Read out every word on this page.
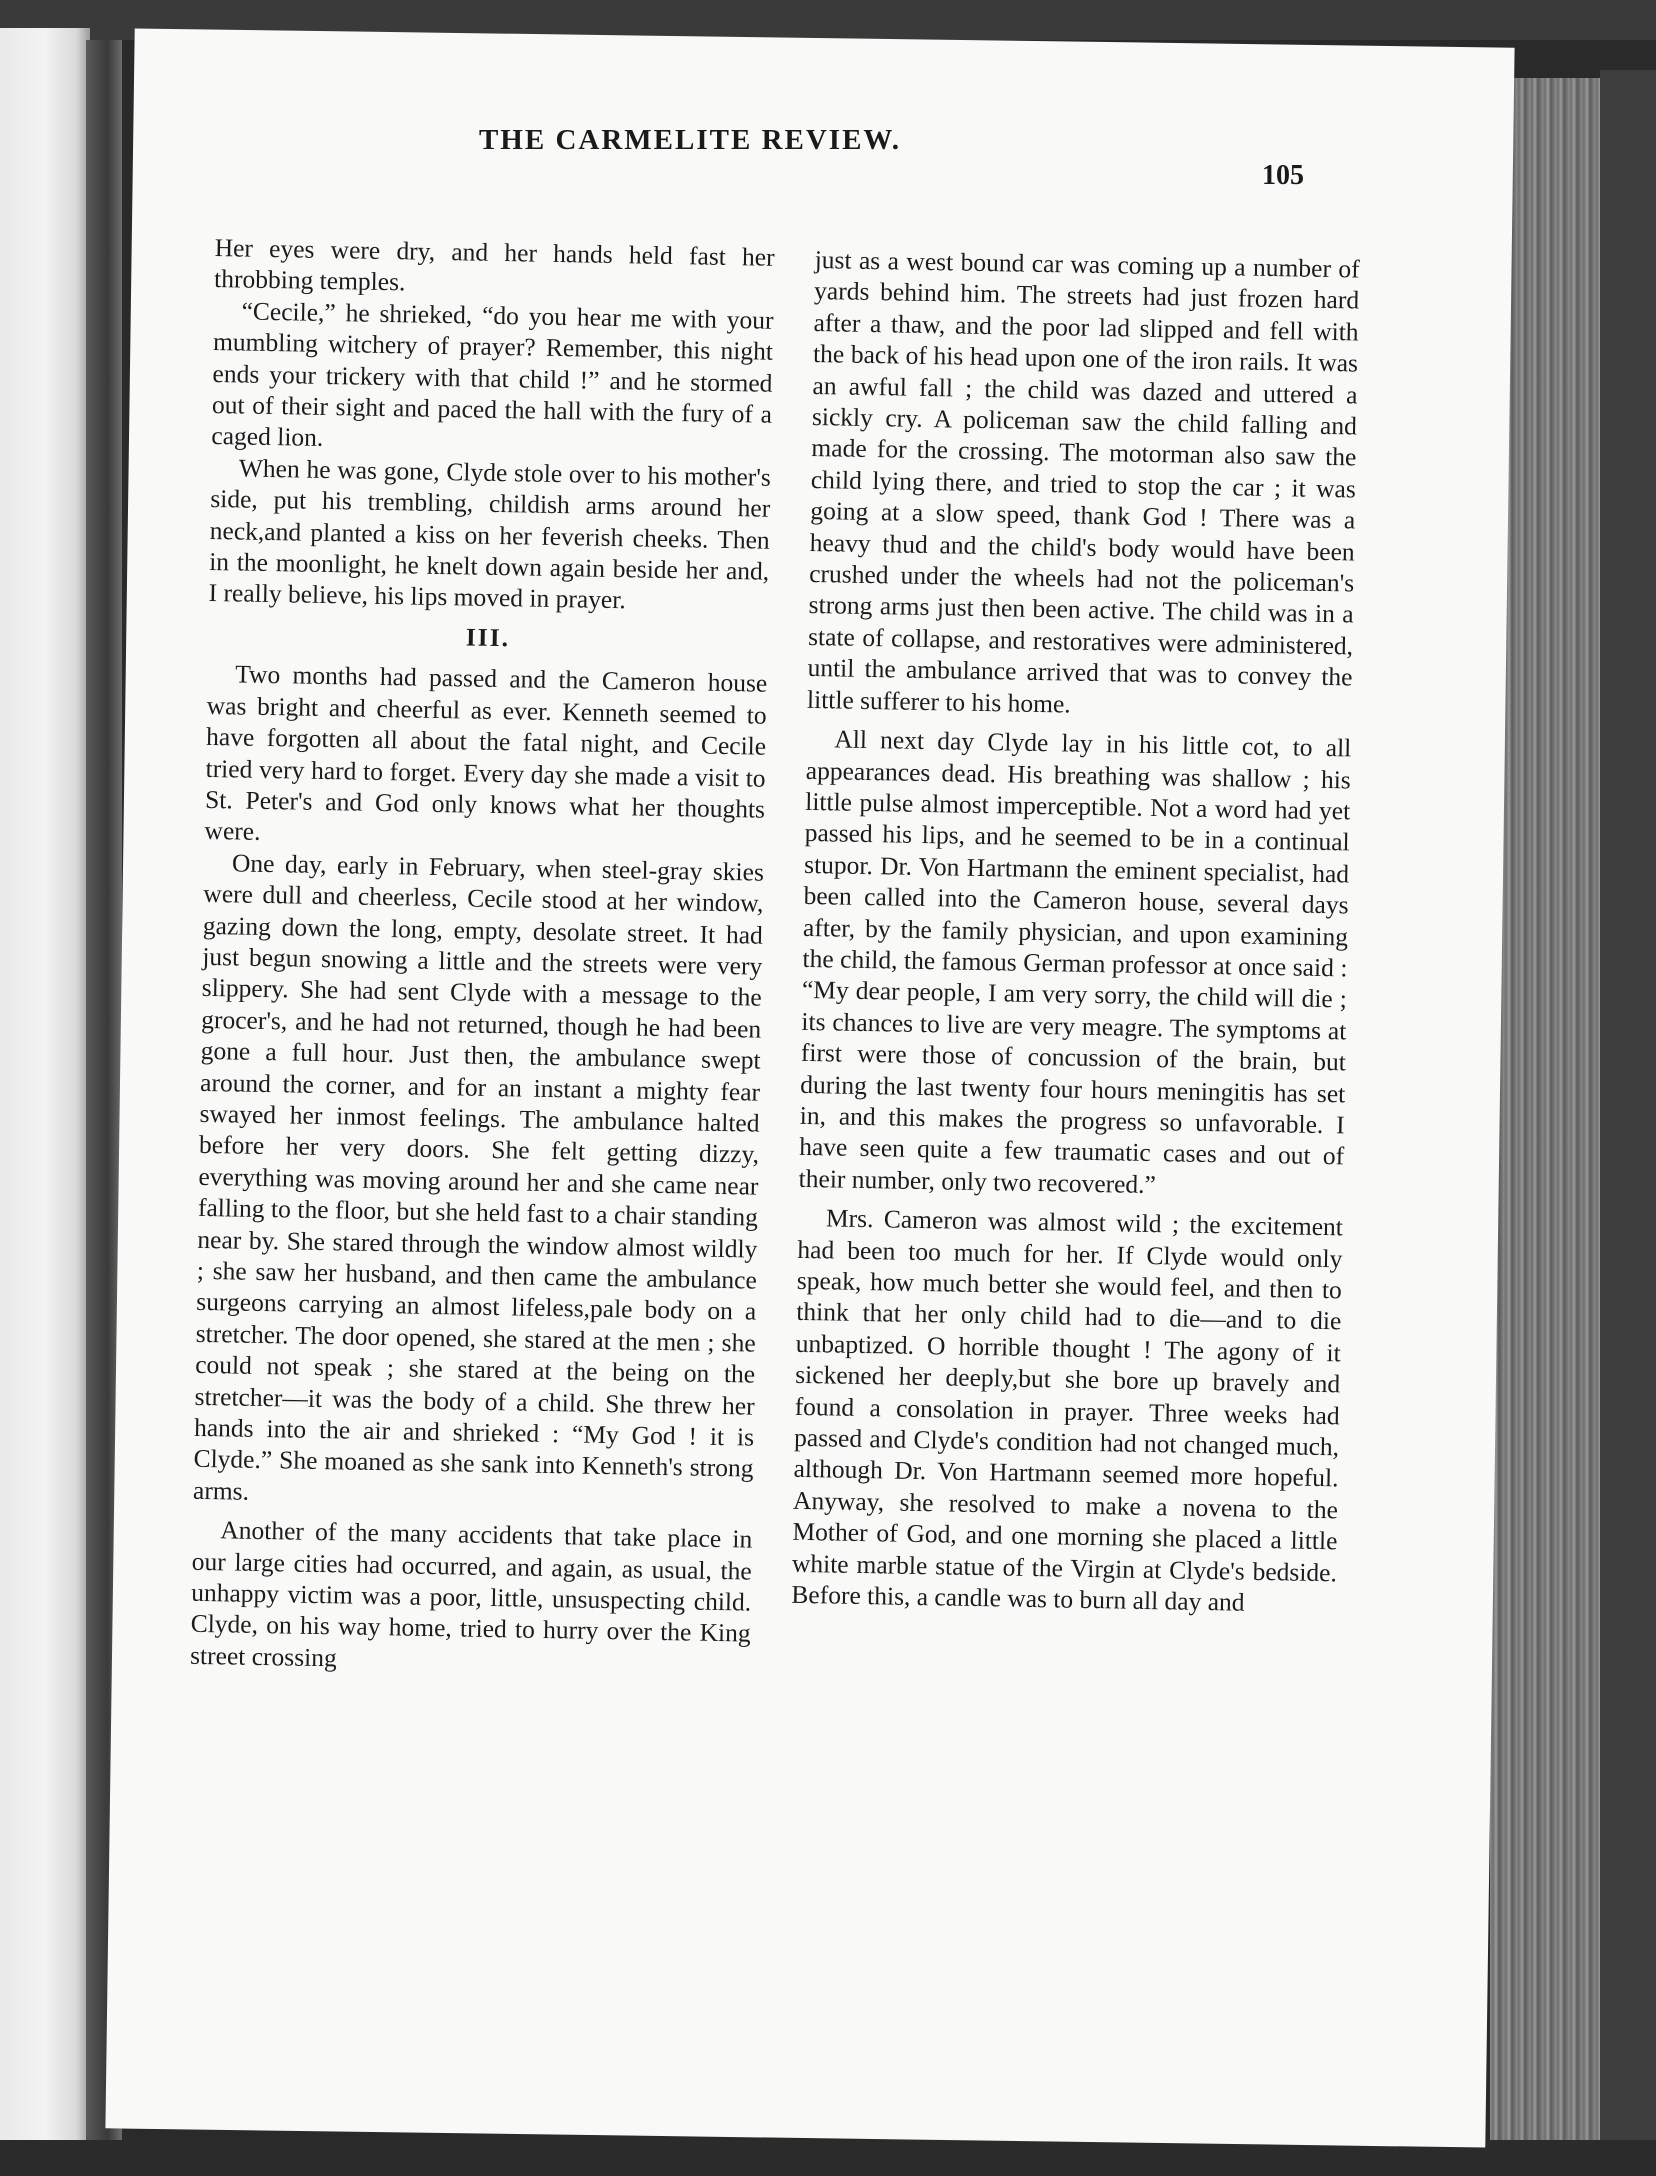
THE CARMELITE REVIEW.
105

Her eyes were dry, and her hands held fast her throbbing temples.

“Cecile,” he shrieked, “do you hear me with your mumbling witchery of prayer? Remember, this night ends your trickery with that child !” and he stormed out of their sight and paced the hall with the fury of a caged lion.

When he was gone, Clyde stole over to his mother's side, put his trembling, childish arms around her neck,and planted a kiss on her feverish cheeks. Then in the moonlight, he knelt down again beside her and, I really believe, his lips moved in prayer.

III.

Two months had passed and the Cameron house was bright and cheerful as ever. Kenneth seemed to have forgotten all about the fatal night, and Cecile tried very hard to forget. Every day she made a visit to St. Peter's and God only knows what her thoughts were.

One day, early in February, when steel-gray skies were dull and cheerless, Cecile stood at her window, gazing down the long, empty, desolate street. It had just begun snowing a little and the streets were very slippery. She had sent Clyde with a message to the grocer's, and he had not returned, though he had been gone a full hour. Just then, the ambulance swept around the corner, and for an instant a mighty fear swayed her inmost feelings. The ambulance halted before her very doors. She felt getting dizzy, everything was moving around her and she came near falling to the floor, but she held fast to a chair standing near by. She stared through the window almost wildly ; she saw her husband, and then came the ambulance surgeons carrying an almost lifeless,pale body on a stretcher. The door opened, she stared at the men ; she could not speak ; she stared at the being on the stretcher—it was the body of a child. She threw her hands into the air and shrieked : “My God ! it is Clyde.” She moaned as she sank into Kenneth's strong arms.

Another of the many accidents that take place in our large cities had occurred, and again, as usual, the unhappy victim was a poor, little, unsuspecting child. Clyde, on his way home, tried to hurry over the King street crossing

just as a west bound car was coming up a number of yards behind him. The streets had just frozen hard after a thaw, and the poor lad slipped and fell with the back of his head upon one of the iron rails. It was an awful fall ; the child was dazed and uttered a sickly cry. A policeman saw the child falling and made for the crossing. The motorman also saw the child lying there, and tried to stop the car ; it was going at a slow speed, thank God ! There was a heavy thud and the child's body would have been crushed under the wheels had not the policeman's strong arms just then been active. The child was in a state of collapse, and restoratives were administered, until the ambulance arrived that was to convey the little sufferer to his home.

All next day Clyde lay in his little cot, to all appearances dead. His breathing was shallow ; his little pulse almost imperceptible. Not a word had yet passed his lips, and he seemed to be in a continual stupor. Dr. Von Hartmann the eminent specialist, had been called into the Cameron house, several days after, by the family physician, and upon examining the child, the famous German professor at once said : “My dear people, I am very sorry, the child will die ; its chances to live are very meagre. The symptoms at first were those of concussion of the brain, but during the last twenty four hours meningitis has set in, and this makes the progress so unfavorable. I have seen quite a few traumatic cases and out of their number, only two recovered.”

Mrs. Cameron was almost wild ; the excitement had been too much for her. If Clyde would only speak, how much better she would feel, and then to think that her only child had to die—and to die unbaptized. O horrible thought ! The agony of it sickened her deeply,but she bore up bravely and found a consolation in prayer. Three weeks had passed and Clyde's condition had not changed much, although Dr. Von Hartmann seemed more hopeful. Anyway, she resolved to make a novena to the Mother of God, and one morning she placed a little white marble statue of the Virgin at Clyde's bedside. Before this, a candle was to burn all day and
